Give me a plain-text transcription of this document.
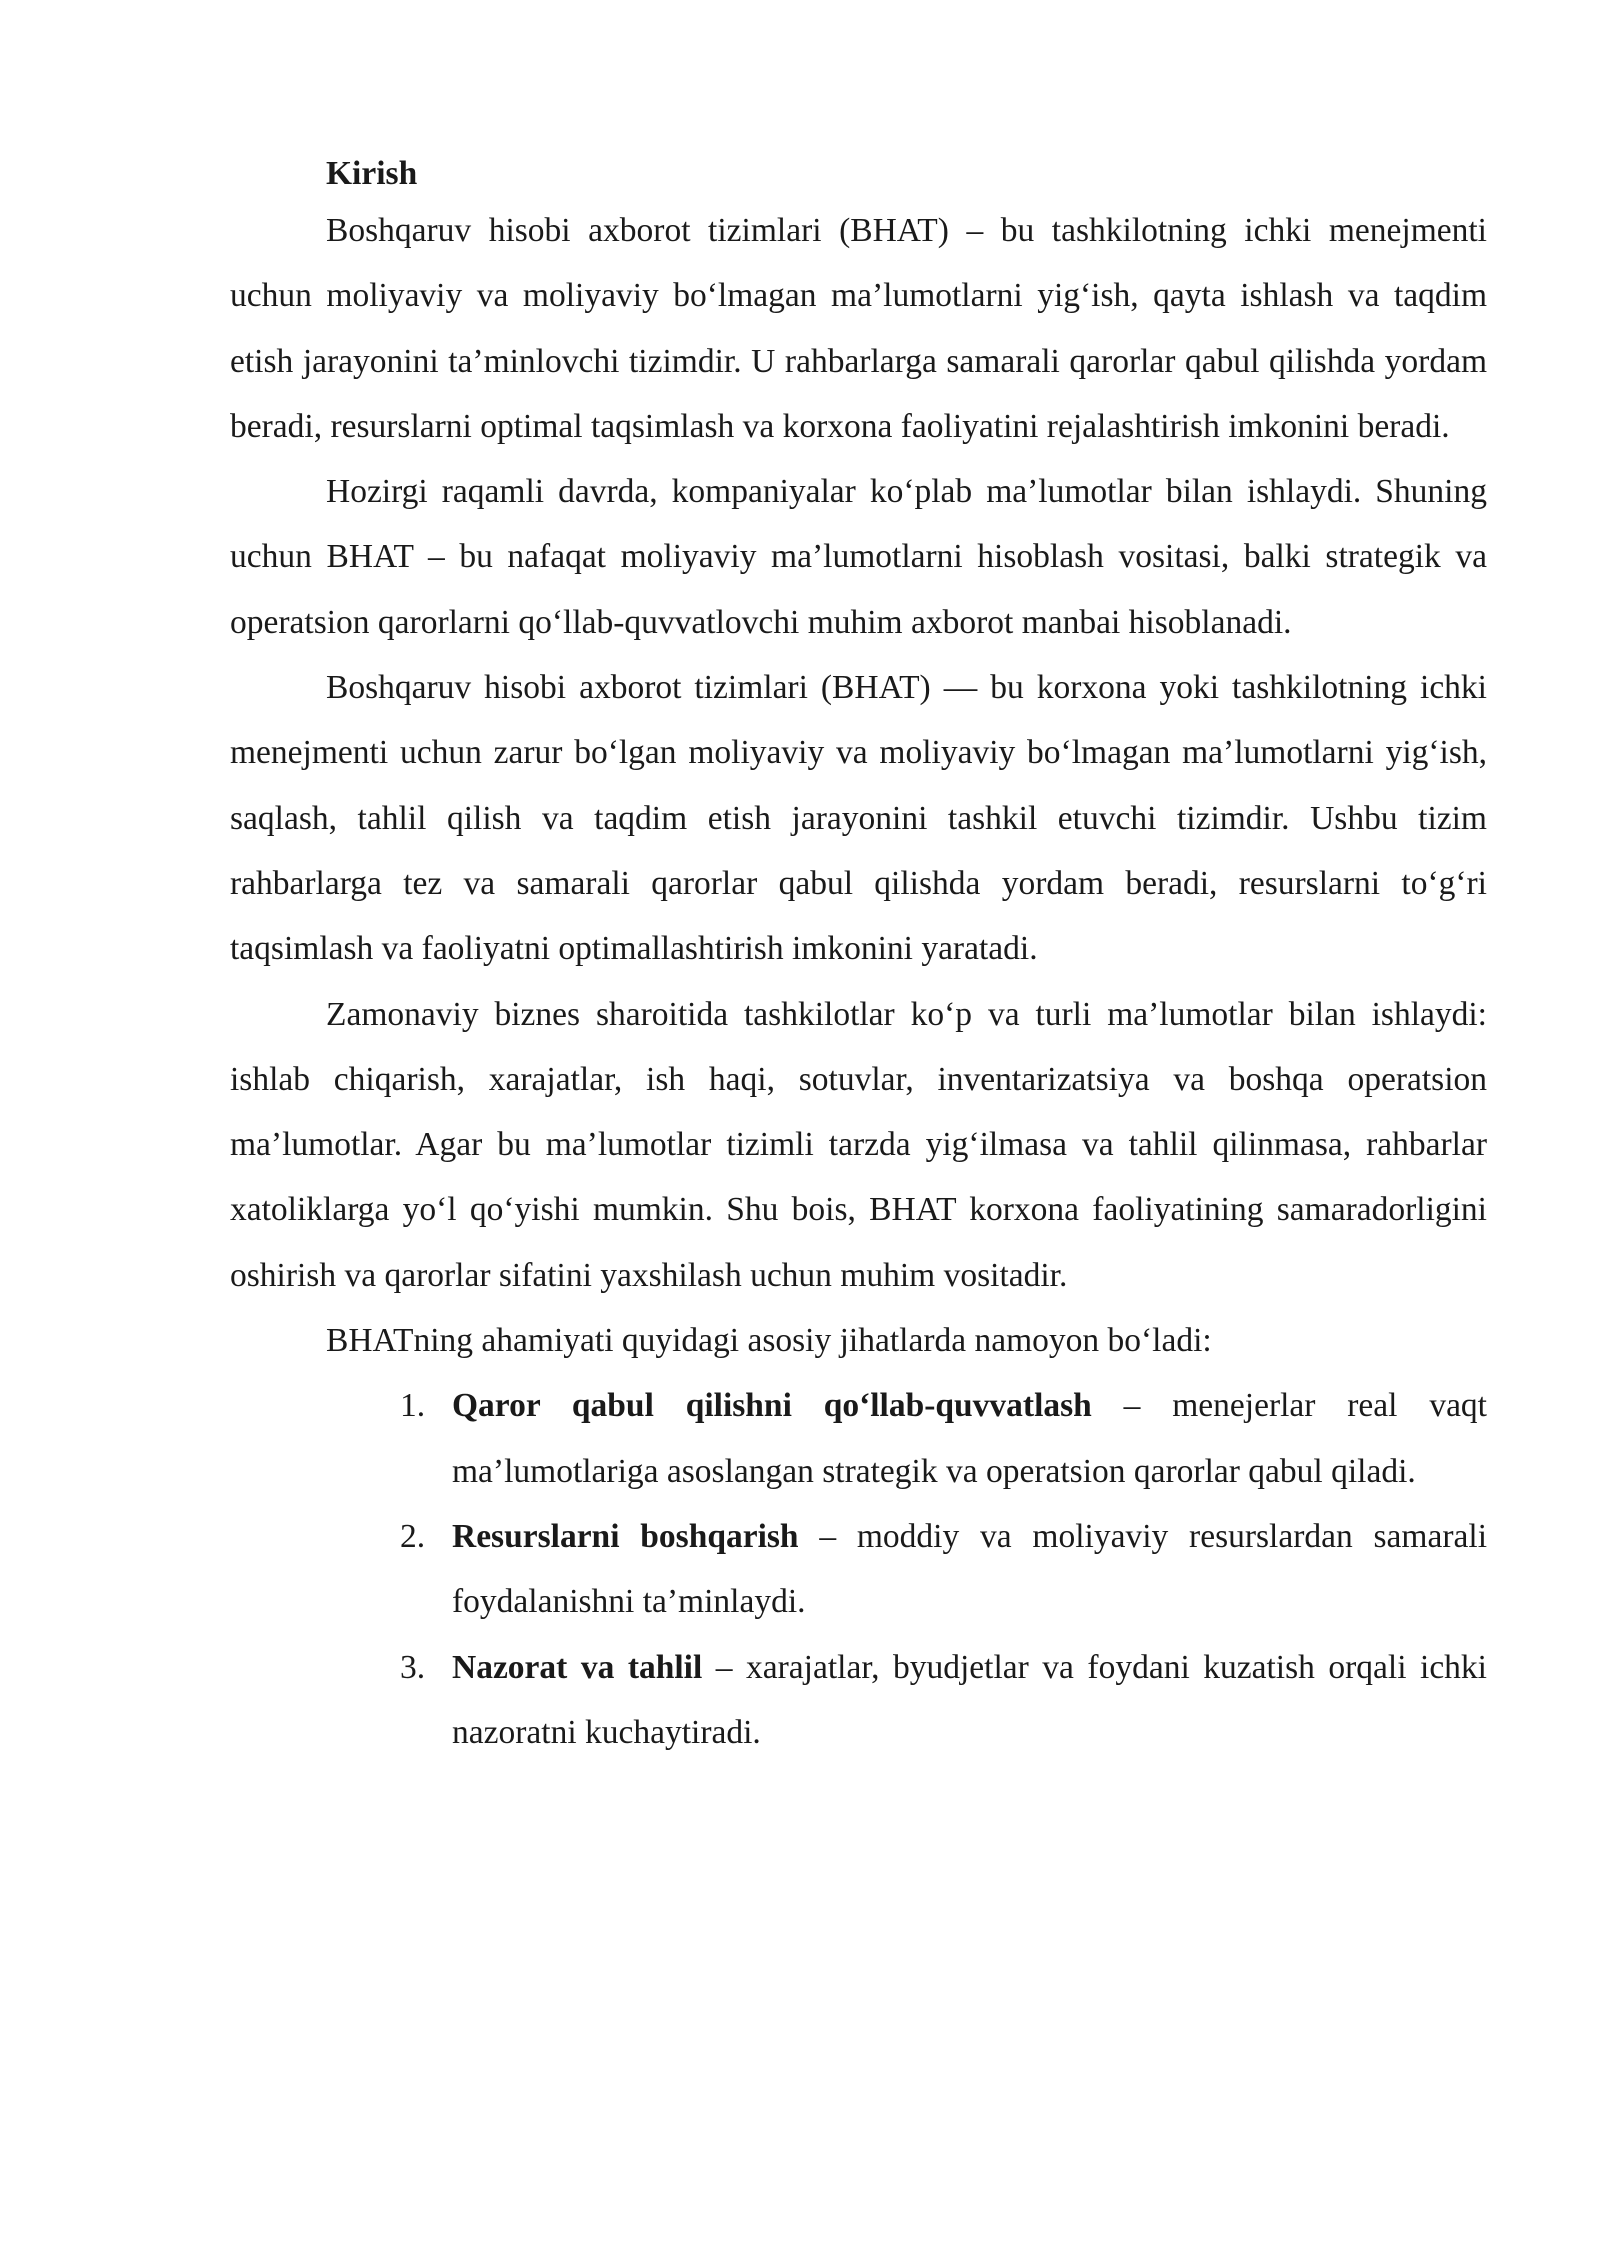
Kirish

Boshqaruv hisobi axborot tizimlari (BHAT) – bu tashkilotning ichki menejmenti uchun moliyaviy va moliyaviy bo‘lmagan ma’lumotlarni yig‘ish, qayta ishlash va taqdim etish jarayonini ta’minlovchi tizimdir. U rahbarlarga samarali qarorlar qabul qilishda yordam beradi, resurslarni optimal taqsimlash va korxona faoliyatini rejalashtirish imkonini beradi.

Hozirgi raqamli davrda, kompaniyalar ko‘plab ma’lumotlar bilan ishlaydi. Shuning uchun BHAT – bu nafaqat moliyaviy ma’lumotlarni hisoblash vositasi, balki strategik va operatsion qarorlarni qo‘llab-quvvatlovchi muhim axborot manbai hisoblanadi.

Boshqaruv hisobi axborot tizimlari (BHAT) — bu korxona yoki tashkilotning ichki menejmenti uchun zarur bo‘lgan moliyaviy va moliyaviy bo‘lmagan ma’lumotlarni yig‘ish, saqlash, tahlil qilish va taqdim etish jarayonini tashkil etuvchi tizimdir. Ushbu tizim rahbarlarga tez va samarali qarorlar qabul qilishda yordam beradi, resurslarni to‘g‘ri taqsimlash va faoliyatni optimallashtirish imkonini yaratadi.

Zamonaviy biznes sharoitida tashkilotlar ko‘p va turli ma’lumotlar bilan ishlaydi: ishlab chiqarish, xarajatlar, ish haqi, sotuvlar, inventarizatsiya va boshqa operatsion ma’lumotlar. Agar bu ma’lumotlar tizimli tarzda yig‘ilmasa va tahlil qilinmasa, rahbarlar xatoliklarga yo‘l qo‘yishi mumkin. Shu bois, BHAT korxona faoliyatining samaradorligini oshirish va qarorlar sifatini yaxshilash uchun muhim vositadir.

BHATning ahamiyati quyidagi asosiy jihatlarda namoyon bo‘ladi:

1. Qaror qabul qilishni qo‘llab-quvvatlash – menejerlar real vaqt ma’lumotlariga asoslangan strategik va operatsion qarorlar qabul qiladi.
2. Resurslarni boshqarish – moddiy va moliyaviy resurslardan samarali foydalanishni ta’minlaydi.
3. Nazorat va tahlil – xarajatlar, byudjetlar va foydani kuzatish orqali ichki nazoratni kuchaytiradi.
